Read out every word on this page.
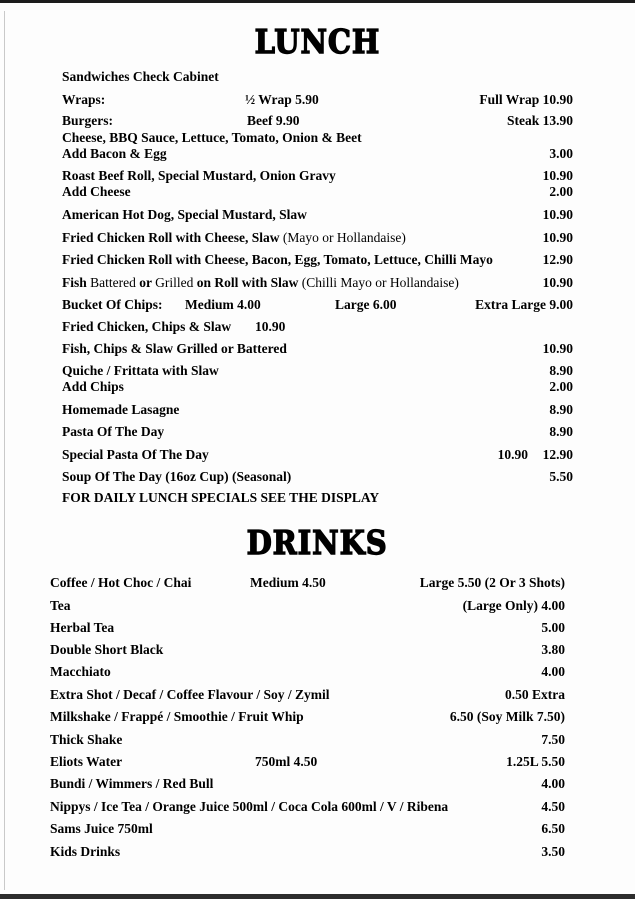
LUNCH
Sandwiches Check Cabinet
Wraps:	½ Wrap 5.90	Full Wrap 10.90
Burgers:	Beef 9.90	Steak 13.90
Cheese, BBQ Sauce, Lettuce, Tomato, Onion & Beet
Add Bacon & Egg	3.00
Roast Beef Roll, Special Mustard, Onion Gravy	10.90
Add Cheese	2.00
American Hot Dog, Special Mustard, Slaw	10.90
Fried Chicken Roll with Cheese, Slaw (Mayo or Hollandaise)	10.90
Fried Chicken Roll with Cheese, Bacon, Egg, Tomato, Lettuce, Chilli Mayo	12.90
Fish Battered or Grilled on Roll with Slaw (Chilli Mayo or Hollandaise)	10.90
Bucket Of Chips: Medium 4.00	Large 6.00	Extra Large 9.00
Fried Chicken, Chips & Slaw 10.90
Fish, Chips & Slaw Grilled or Battered	10.90
Quiche / Frittata with Slaw	8.90
Add Chips	2.00
Homemade Lasagne	8.90
Pasta Of The Day	8.90
Special Pasta Of The Day	10.90 12.90
Soup Of The Day (16oz Cup) (Seasonal)	5.50
FOR DAILY LUNCH SPECIALS SEE THE DISPLAY
DRINKS
Coffee / Hot Choc / Chai	Medium 4.50	Large 5.50 (2 Or 3 Shots)
Tea	(Large Only) 4.00
Herbal Tea	5.00
Double Short Black	3.80
Macchiato	4.00
Extra Shot / Decaf / Coffee Flavour / Soy / Zymil	0.50 Extra
Milkshake / Frappé / Smoothie / Fruit Whip	6.50 (Soy Milk 7.50)
Thick Shake	7.50
Eliots Water	750ml 4.50	1.25L 5.50
Bundi / Wimmers / Red Bull	4.00
Nippys / Ice Tea / Orange Juice 500ml / Coca Cola 600ml / V / Ribena	4.50
Sams Juice 750ml	6.50
Kids Drinks	3.50
